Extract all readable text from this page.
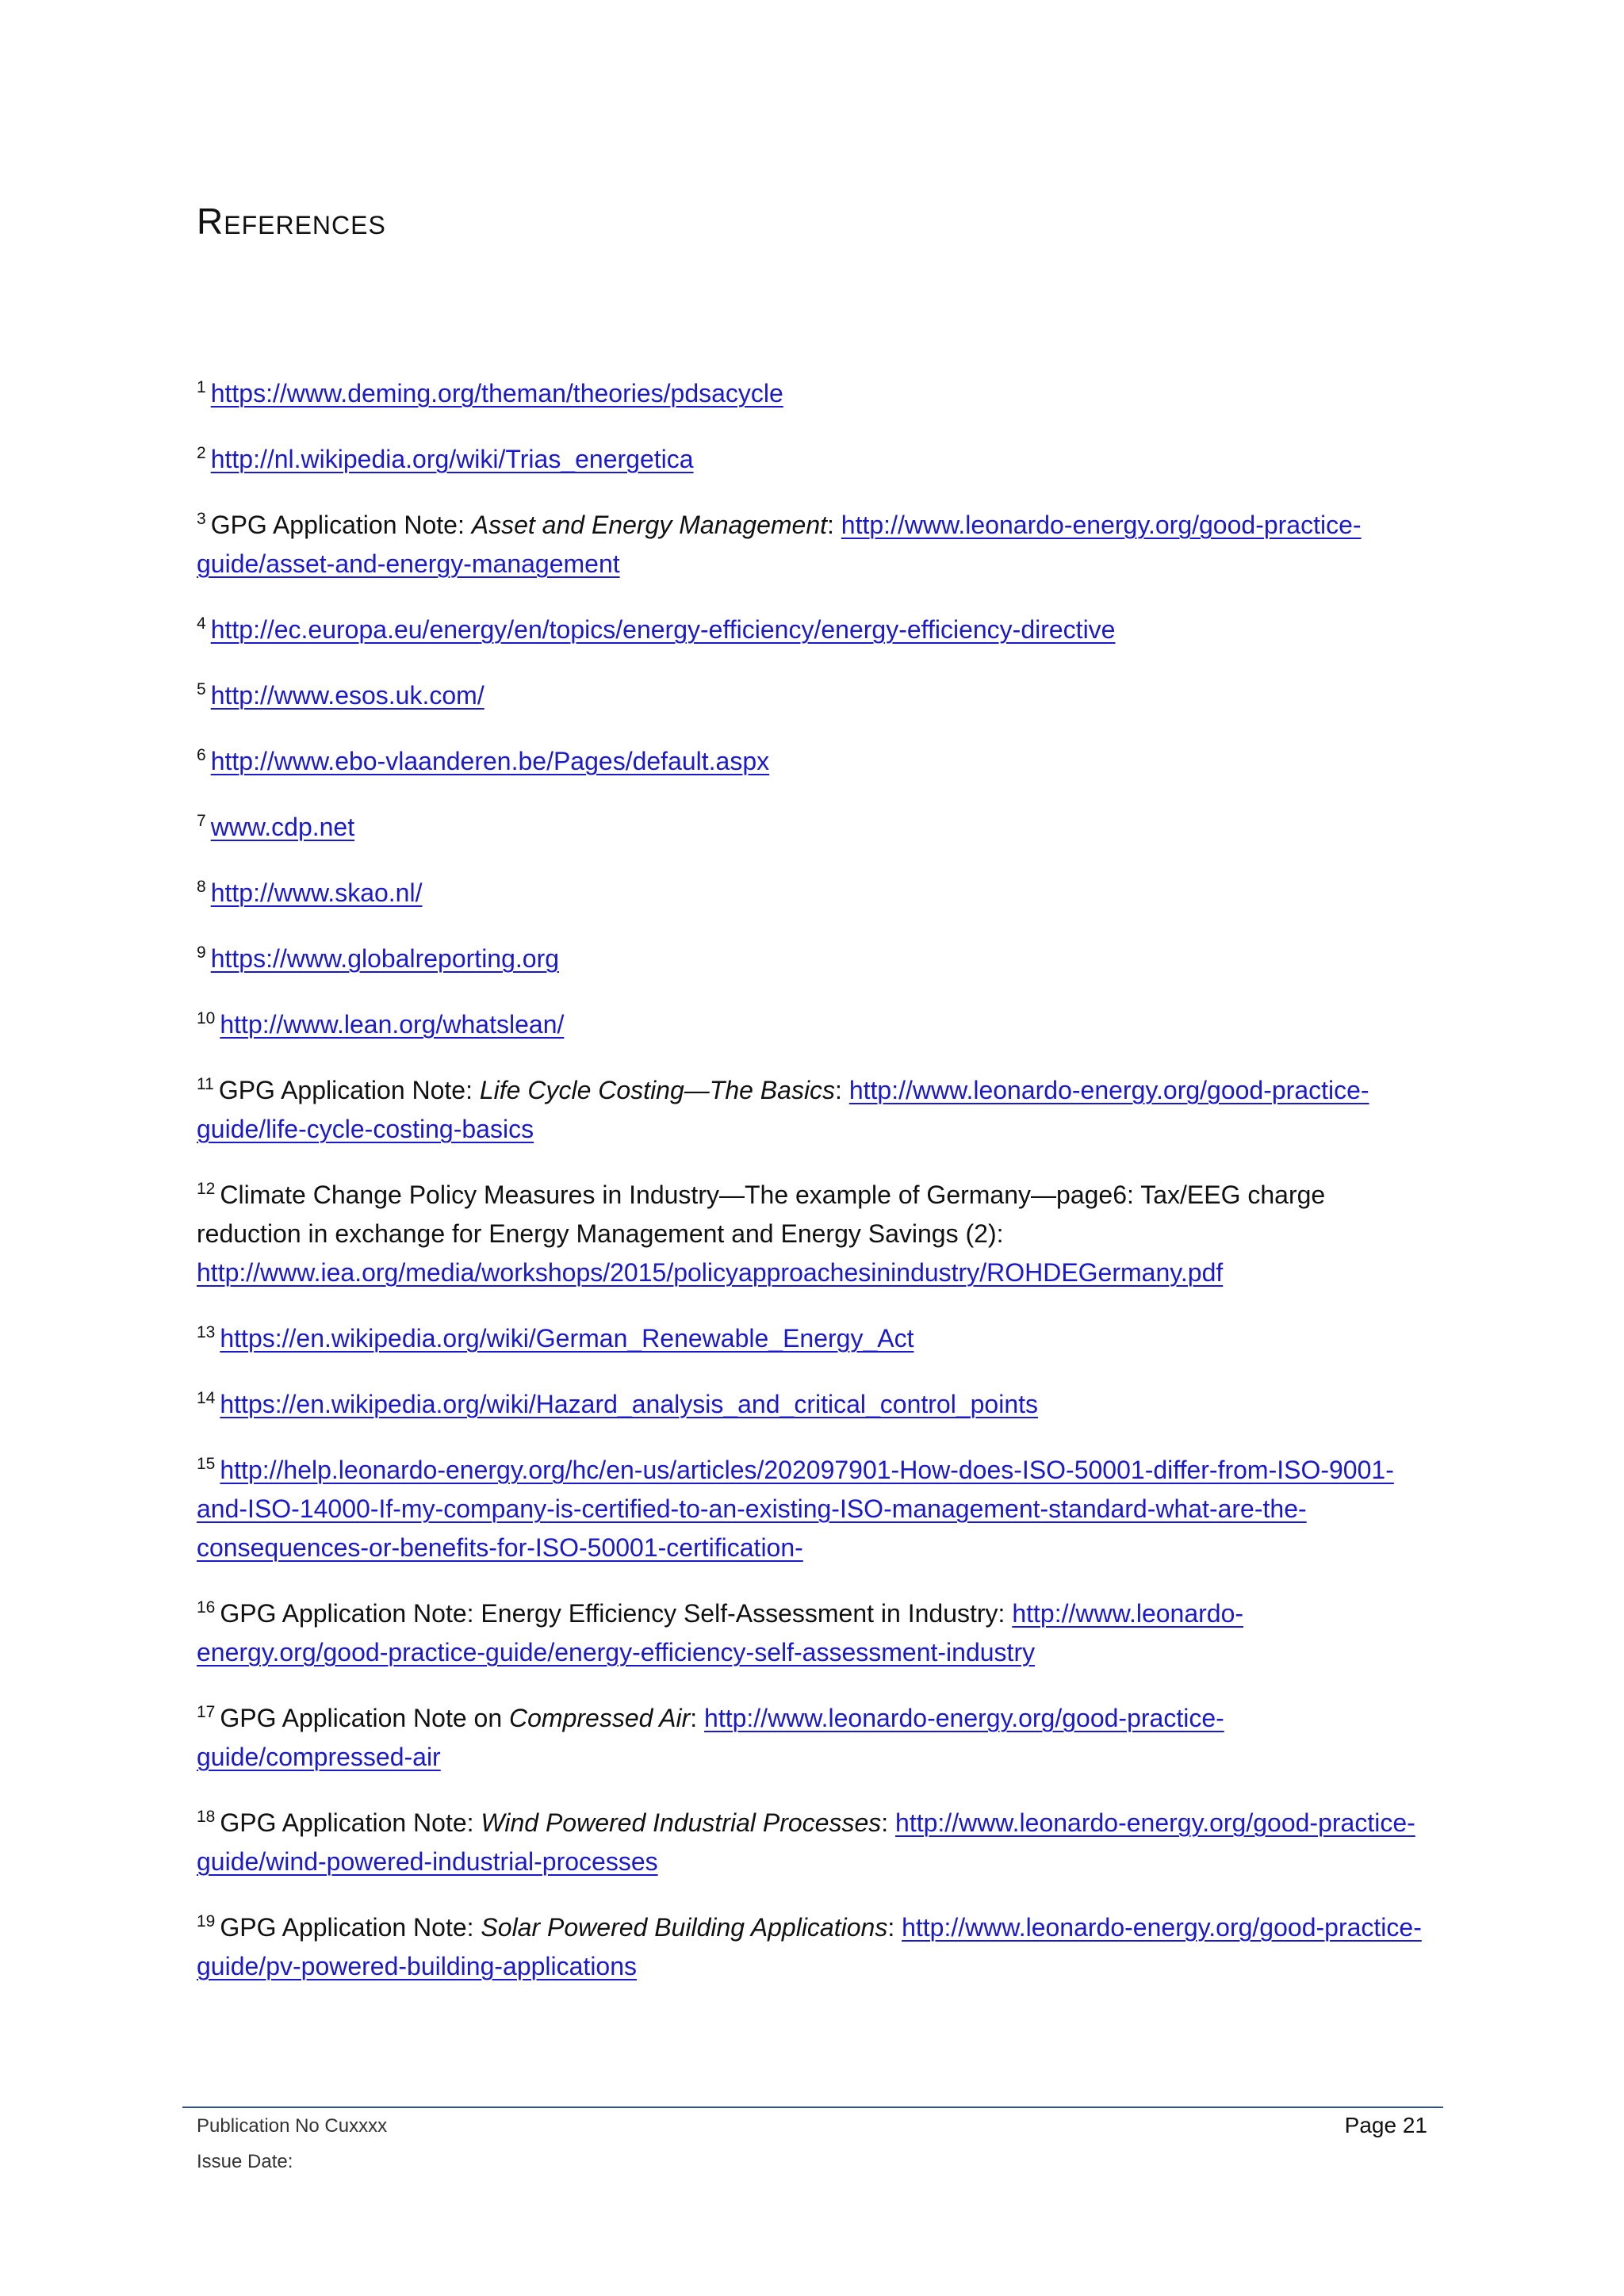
References

$^1$ https://www.deming.org/theman/theories/pdsacycle

$^2$ http://nl.wikipedia.org/wiki/Trias_energetica

$^3$ GPG Application Note: Asset and Energy Management: http://www.leonardo-energy.org/good-practice-guide/asset-and-energy-management

$^4$ http://ec.europa.eu/energy/en/topics/energy-efficiency/energy-efficiency-directive

$^5$ http://www.esos.uk.com/

$^6$ http://www.ebo-vlaanderen.be/Pages/default.aspx

$^7$ www.cdp.net

$^8$ http://www.skao.nl/

$^9$ https://www.globalreporting.org

$^{10}$ http://www.lean.org/whatslean/

$^{11}$ GPG Application Note: Life Cycle Costing—The Basics: http://www.leonardo-energy.org/good-practice-guide/life-cycle-costing-basics

$^{12}$ Climate Change Policy Measures in Industry—The example of Germany—page6: Tax/EEG charge reduction in exchange for Energy Management and Energy Savings (2): http://www.iea.org/media/workshops/2015/policyapproachesinindustry/ROHDEGermany.pdf

$^{13}$ https://en.wikipedia.org/wiki/German_Renewable_Energy_Act

$^{14}$ https://en.wikipedia.org/wiki/Hazard_analysis_and_critical_control_points

$^{15}$ http://help.leonardo-energy.org/hc/en-us/articles/202097901-How-does-ISO-50001-differ-from-ISO-9001-and-ISO-14000-If-my-company-is-certified-to-an-existing-ISO-management-standard-what-are-the-consequences-or-benefits-for-ISO-50001-certification-

$^{16}$ GPG Application Note: Energy Efficiency Self-Assessment in Industry: http://www.leonardo-energy.org/good-practice-guide/energy-efficiency-self-assessment-industry

$^{17}$ GPG Application Note on Compressed Air: http://www.leonardo-energy.org/good-practice-guide/compressed-air

$^{18}$ GPG Application Note: Wind Powered Industrial Processes: http://www.leonardo-energy.org/good-practice-guide/wind-powered-industrial-processes

$^{19}$ GPG Application Note: Solar Powered Building Applications: http://www.leonardo-energy.org/good-practice-guide/pv-powered-building-applications

Publication No Cuxxxx
Issue Date:
Page 21
